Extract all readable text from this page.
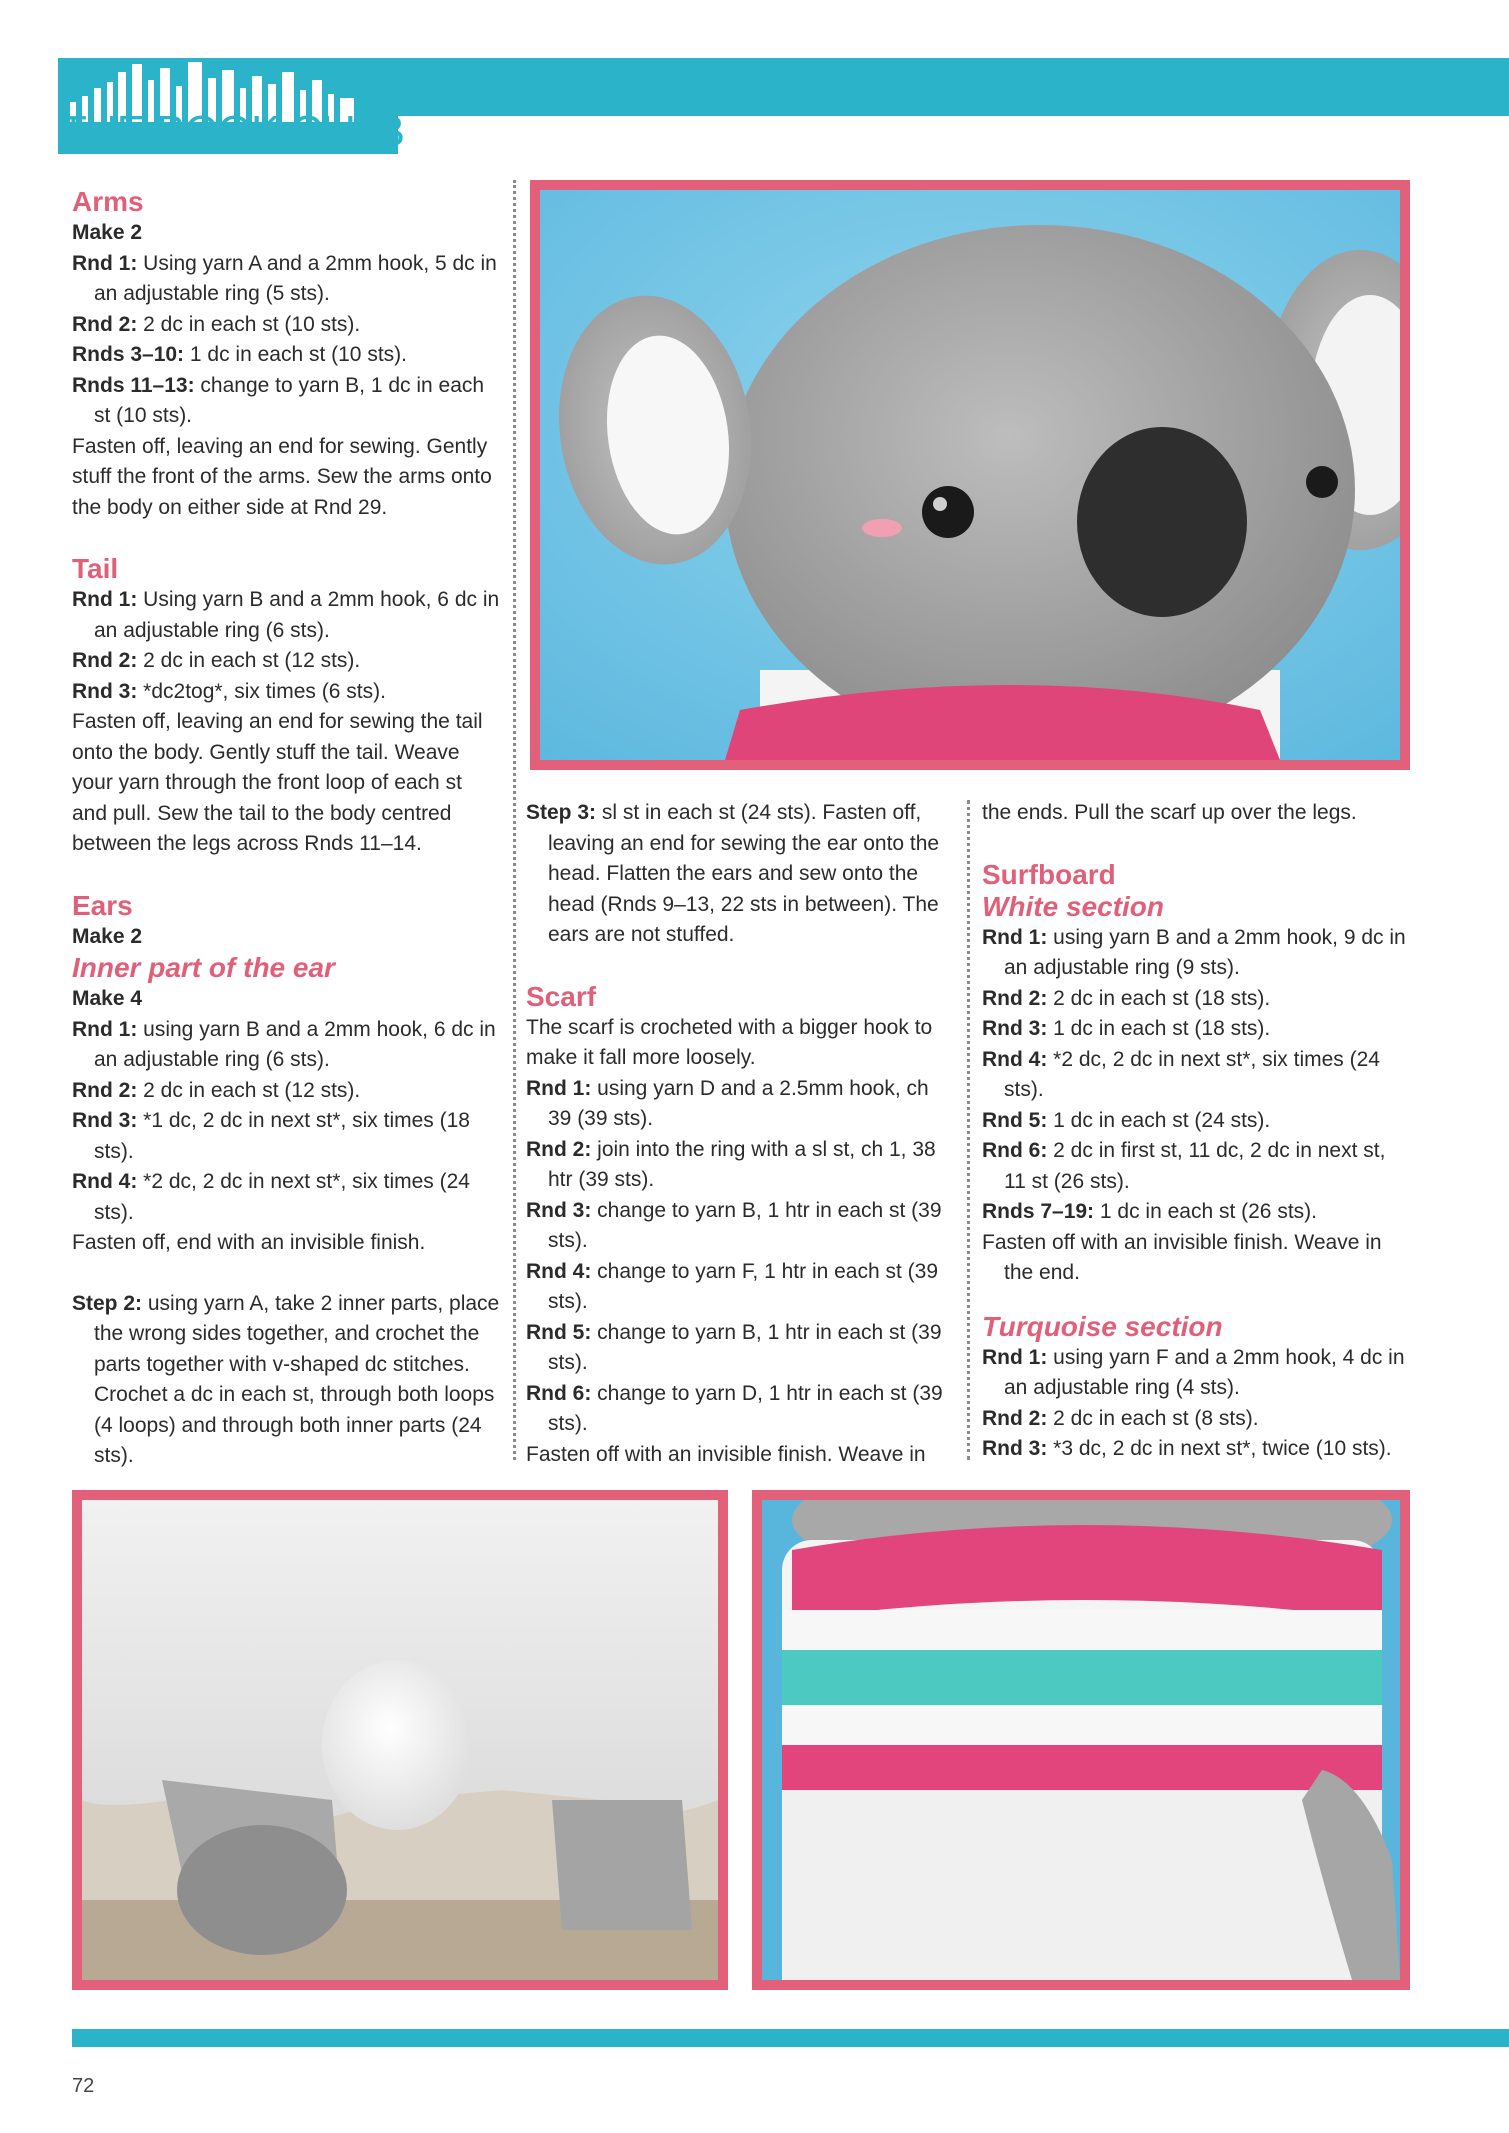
THE BOOK CLUB

Arms

Make 2

Rnd 1: Using yarn A and a 2mm hook, 5 dc in an adjustable ring (5 sts).

Rnd 2: 2 dc in each st (10 sts).

Rnds 3–10: 1 dc in each st (10 sts).

Rnds 11–13: change to yarn B, 1 dc in each st (10 sts).

Fasten off, leaving an end for sewing. Gently stuff the front of the arms. Sew the arms onto the body on either side at Rnd 29.

Tail

Rnd 1: Using yarn B and a 2mm hook, 6 dc in an adjustable ring (6 sts).

Rnd 2: 2 dc in each st (12 sts).

Rnd 3: *dc2tog*, six times (6 sts).

Fasten off, leaving an end for sewing the tail onto the body. Gently stuff the tail. Weave your yarn through the front loop of each st and pull. Sew the tail to the body centred between the legs across Rnds 11–14.

Ears

Make 2

Inner part of the ear

Make 4

Rnd 1: using yarn B and a 2mm hook, 6 dc in an adjustable ring (6 sts).

Rnd 2: 2 dc in each st (12 sts).

Rnd 3: *1 dc, 2 dc in next st*, six times (18 sts).

Rnd 4: *2 dc, 2 dc in next st*, six times (24 sts).

Fasten off, end with an invisible finish.

Step 2: using yarn A, take 2 inner parts, place the wrong sides together, and crochet the parts together with v-shaped dc stitches. Crochet a dc in each st, through both loops (4 loops) and through both inner parts (24 sts).

Step 3: sl st in each st (24 sts). Fasten off, leaving an end for sewing the ear onto the head. Flatten the ears and sew onto the head (Rnds 9–13, 22 sts in between). The ears are not stuffed.

Scarf

The scarf is crocheted with a bigger hook to make it fall more loosely.

Rnd 1: using yarn D and a 2.5mm hook, ch 39 (39 sts).

Rnd 2: join into the ring with a sl st, ch 1, 38 htr (39 sts).

Rnd 3: change to yarn B, 1 htr in each st (39 sts).

Rnd 4: change to yarn F, 1 htr in each st (39 sts).

Rnd 5: change to yarn B, 1 htr in each st (39 sts).

Rnd 6: change to yarn D, 1 htr in each st (39 sts).

Fasten off with an invisible finish. Weave in

the ends. Pull the scarf up over the legs.

Surfboard

White section

Rnd 1: using yarn B and a 2mm hook, 9 dc in an adjustable ring (9 sts).

Rnd 2: 2 dc in each st (18 sts).

Rnd 3: 1 dc in each st (18 sts).

Rnd 4: *2 dc, 2 dc in next st*, six times (24 sts).

Rnd 5: 1 dc in each st (24 sts).

Rnd 6: 2 dc in first st, 11 dc, 2 dc in next st, 11 st (26 sts).

Rnds 7–19: 1 dc in each st (26 sts).

Fasten off with an invisible finish. Weave in the end.

Turquoise section

Rnd 1: using yarn F and a 2mm hook, 4 dc in an adjustable ring (4 sts).

Rnd 2: 2 dc in each st (8 sts).

Rnd 3: *3 dc, 2 dc in next st*, twice (10 sts).

72
